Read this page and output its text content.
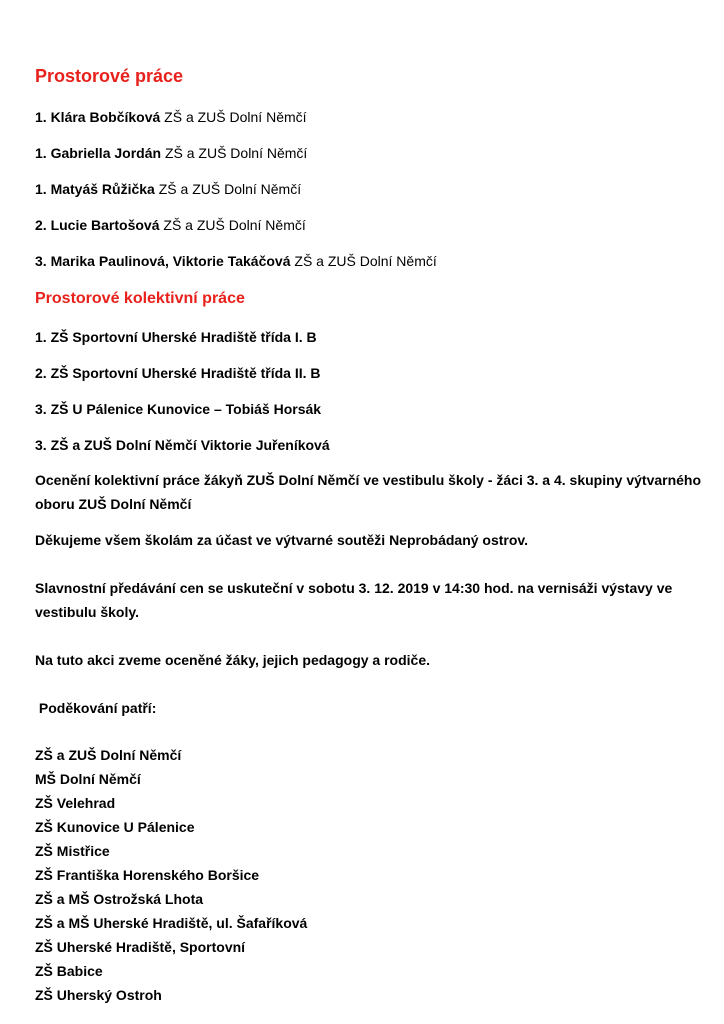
Prostorové práce
1. Klára Bobčíková ZŠ a ZUŠ Dolní Němčí
1. Gabriella Jordán ZŠ a ZUŠ Dolní Němčí
1. Matyáš Růžička ZŠ a ZUŠ Dolní Němčí
2. Lucie Bartošová ZŠ a ZUŠ Dolní Němčí
3. Marika Paulinová, Viktorie Takáčová ZŠ a ZUŠ Dolní Němčí
Prostorové kolektivní práce
1. ZŠ Sportovní Uherské Hradiště třída I. B
2. ZŠ Sportovní Uherské Hradiště třída II. B
3. ZŠ U Pálenice Kunovice – Tobiáš Horsák
3. ZŠ a ZUŠ Dolní Němčí Viktorie Juřeníková
Ocenění kolektivní práce žákyň ZUŠ Dolní Němčí ve vestibulu školy - žáci 3. a 4. skupiny výtvarného oboru ZUŠ Dolní Němčí
Děkujeme všem školám za účast ve výtvarné soutěži Neprobádaný ostrov.
Slavnostní předávání cen se uskuteční v sobotu 3. 12. 2019 v 14:30 hod. na vernisáži výstavy ve vestibulu školy.
Na tuto akci zveme oceněné žáky, jejich pedagogy a rodiče.
Poděkování patří:
ZŠ a ZUŠ Dolní Němčí
MŠ Dolní Němčí
ZŠ Velehrad
ZŠ Kunovice U Pálenice
ZŠ Mistřice
ZŠ Františka Horenského Boršice
ZŠ a MŠ Ostrožská Lhota
ZŠ a MŠ Uherské Hradiště, ul. Šafaříková
ZŠ Uherské Hradiště, Sportovní
ZŠ Babice
ZŠ Uherský Ostroh
